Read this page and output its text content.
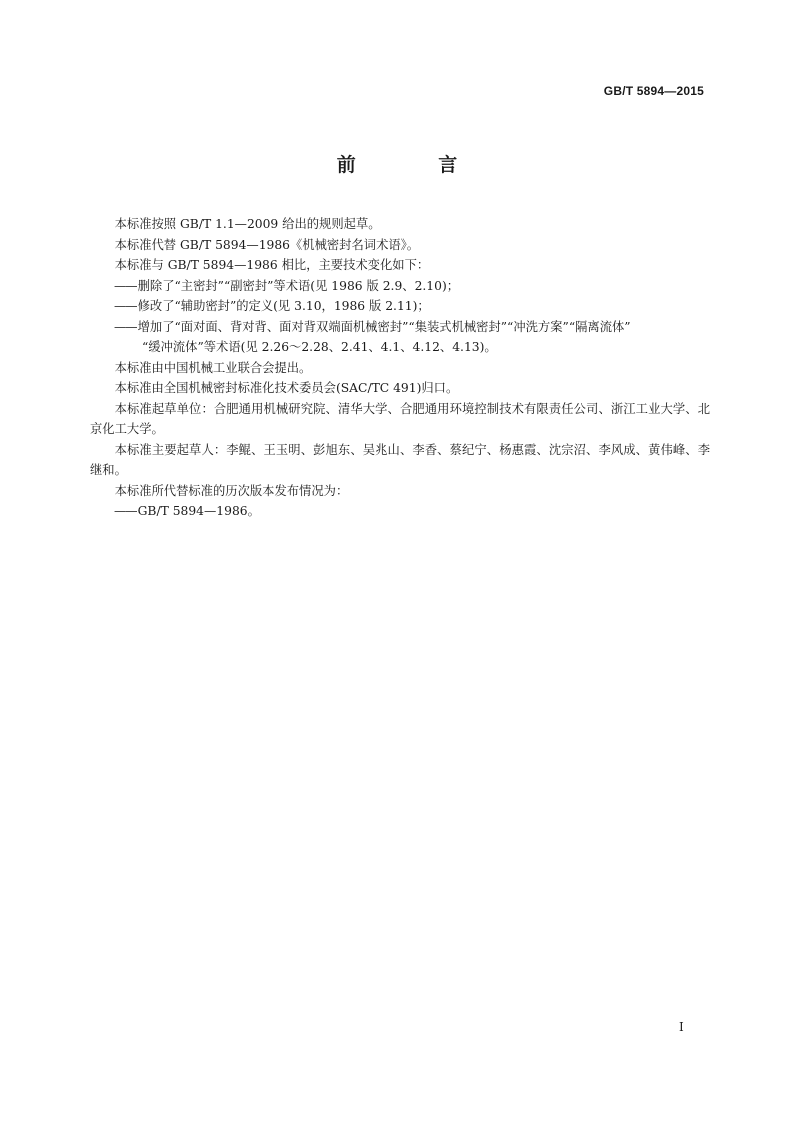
GB/T 5894—2015
前 言
本标准按照 GB/T 1.1—2009 给出的规则起草。
本标准代替 GB/T 5894—1986《机械密封名词术语》。
本标准与 GB/T 5894—1986 相比，主要技术变化如下：
——删除了“主密封”“副密封”等术语(见 1986 版 2.9、2.10)；
——修改了“辅助密封”的定义(见 3.10，1986 版 2.11)；
——增加了“面对面、背对背、面对背双端面机械密封”“集装式机械密封”“冲洗方案”“隔离流体”
“缓冲流体”等术语(见 2.26～2.28、2.41、4.1、4.12、4.13)。
本标准由中国机械工业联合会提出。
本标准由全国机械密封标准化技术委员会(SAC/TC 491)归口。
本标准起草单位：合肥通用机械研究院、清华大学、合肥通用环境控制技术有限责任公司、浙江工业大学、北京化工大学。
本标准主要起草人：李鲲、王玉明、彭旭东、吴兆山、李香、蔡纪宁、杨惠霞、沈宗沼、李风成、黄伟峰、李继和。
本标准所代替标准的历次版本发布情况为：
——GB/T 5894—1986。
I
